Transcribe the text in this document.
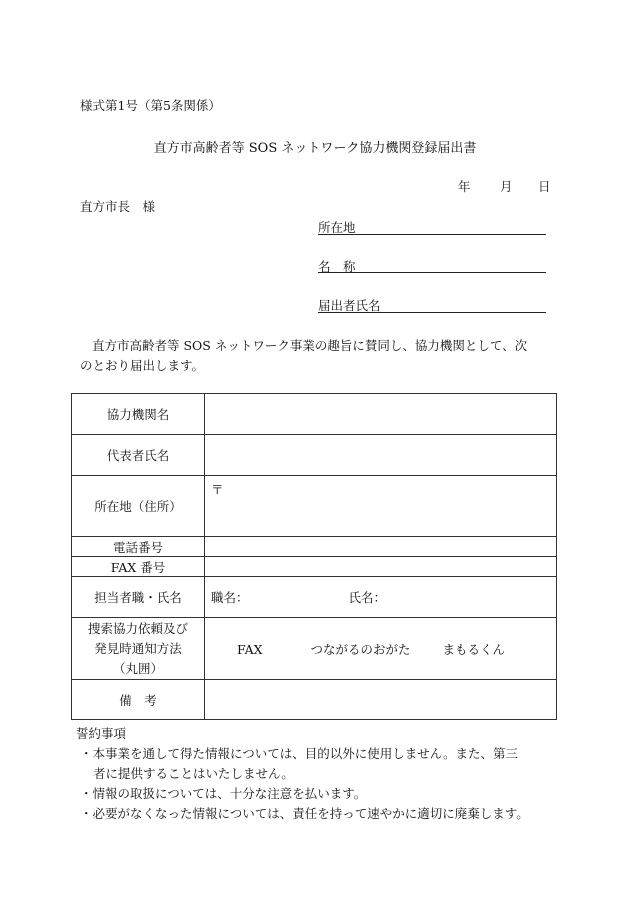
様式第1号（第5条関係）
直方市高齢者等 SOS ネットワーク協力機関登録届出書
年 月 日
直方市長　様
所在地
名　称
届出者氏名
直方市高齢者等 SOS ネットワーク事業の趣旨に賛同し、協力機関として、次
のとおり届出します。
協力機関名	
代表者氏名	
所在地（住所）	〒
電話番号	
FAX 番号	
担当者職・氏名	職名： 氏名：

捜索協力依頼及び
発見時通知方法
（丸囲）	FAX つながるのおがた まもるくん
備　考	
誓約事項
・本事業を通して得た情報については、目的以外に使用しません。また、第三
者に提供することはいたしません。
・情報の取扱については、十分な注意を払います。
・必要がなくなった情報については、責任を持って速やかに適切に廃棄します。
